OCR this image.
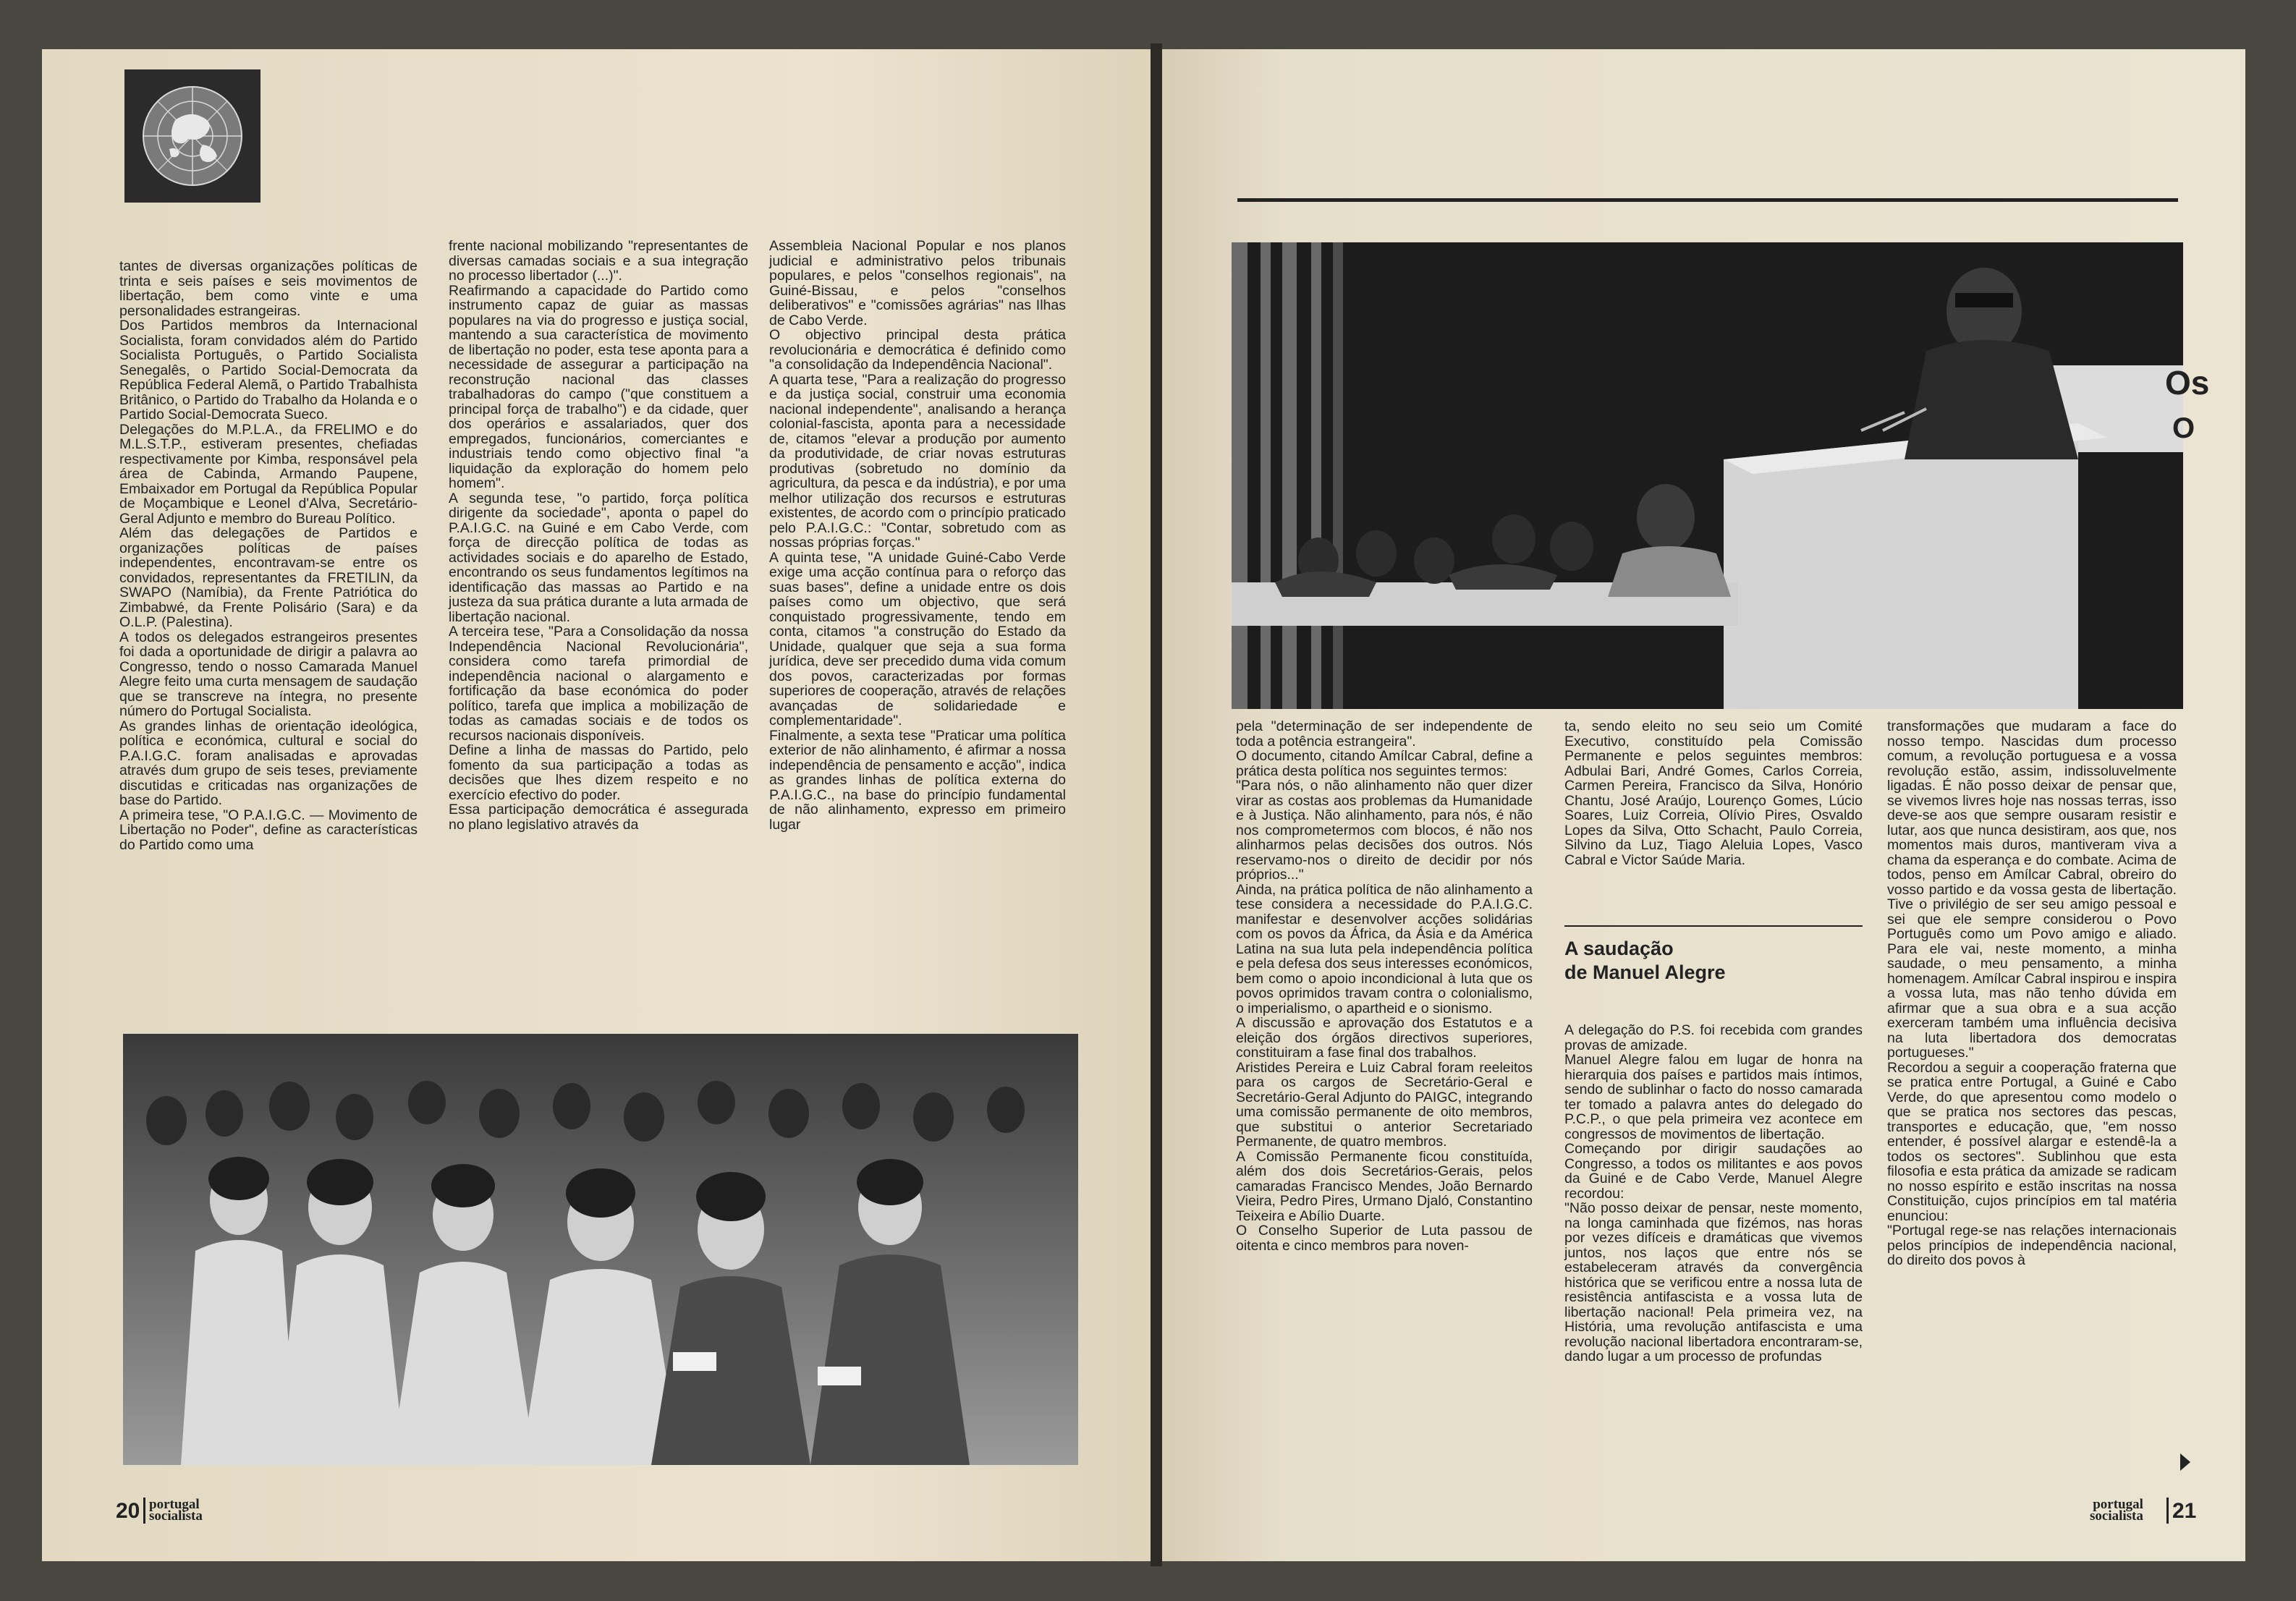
tantes de diversas organizações políticas de trinta e seis países e seis movimentos de libertação, bem como vinte e uma personalidades estrangeiras.
Dos Partidos membros da Internacional Socialista, foram convidados além do Partido Socialista Português, o Partido Socialista Senegalês, o Partido Social-Democrata da República Federal Alemã, o Partido Trabalhista Britânico, o Partido do Trabalho da Holanda e o Partido Social-Democrata Sueco.
Delegações do M.P.L.A., da FRELIMO e do M.L.S.T.P., estiveram presentes, chefiadas respectivamente por Kimba, responsável pela área de Cabinda, Armando Paupene, Embaixador em Portugal da República Popular de Moçambique e Leonel d'Alva, Secretário-Geral Adjunto e membro do Bureau Político.
Além das delegações de Partidos e organizações políticas de países independentes, encontravam-se entre os convidados, representantes da FRETILIN, da SWAPO (Namíbia), da Frente Patriótica do Zimbabwé, da Frente Polisário (Sara) e da O.L.P. (Palestina).
A todos os delegados estrangeiros presentes foi dada a oportunidade de dirigir a palavra ao Congresso, tendo o nosso Camarada Manuel Alegre feito uma curta mensagem de saudação que se transcreve na íntegra, no presente número do Portugal Socialista.
As grandes linhas de orientação ideológica, política e económica, cultural e social do P.A.I.G.C. foram analisadas e aprovadas através dum grupo de seis teses, previamente discutidas e criticadas nas organizações de base do Partido.
A primeira tese, "O P.A.I.G.C. — Movimento de Libertação no Poder", define as características do Partido como uma

frente nacional mobilizando "representantes de diversas camadas sociais e a sua integração no processo libertador (...)".
Reafirmando a capacidade do Partido como instrumento capaz de guiar as massas populares na via do progresso e justiça social, mantendo a sua característica de movimento de libertação no poder, esta tese aponta para a necessidade de assegurar a participação na reconstrução nacional das classes trabalhadoras do campo ("que constituem a principal força de trabalho") e da cidade, quer dos operários e assalariados, quer dos empregados, funcionários, comerciantes e industriais tendo como objectivo final "a liquidação da exploração do homem pelo homem".
A segunda tese, "o partido, força política dirigente da sociedade", aponta o papel do P.A.I.G.C. na Guiné e em Cabo Verde, com força de direcção política de todas as actividades sociais e do aparelho de Estado, encontrando os seus fundamentos legítimos na identificação das massas ao Partido e na justeza da sua prática durante a luta armada de libertação nacional.
A terceira tese, "Para a Consolidação da nossa Independência Nacional Revolucionária", considera como tarefa primordial de independência nacional o alargamento e fortificação da base económica do poder político, tarefa que implica a mobilização de todas as camadas sociais e de todos os recursos nacionais disponíveis.
Define a linha de massas do Partido, pelo fomento da sua participação a todas as decisões que lhes dizem respeito e no exercício efectivo do poder.
Essa participação democrática é assegurada no plano legislativo através da

Assembleia Nacional Popular e nos planos judicial e administrativo pelos tribunais populares, e pelos "conselhos regionais", na Guiné-Bissau, e pelos "conselhos deliberativos" e "comissões agrárias" nas Ilhas de Cabo Verde.
O objectivo principal desta prática revolucionária e democrática é definido como "a consolidação da Independência Nacional".
A quarta tese, "Para a realização do progresso e da justiça social, construir uma economia nacional independente", analisando a herança colonial-fascista, aponta para a necessidade de, citamos "elevar a produção por aumento da produtividade, de criar novas estruturas produtivas (sobretudo no domínio da agricultura, da pesca e da indústria), e por uma melhor utilização dos recursos e estruturas existentes, de acordo com o princípio praticado pelo P.A.I.G.C.: "Contar, sobretudo com as nossas próprias forças."
A quinta tese, "A unidade Guiné-Cabo Verde exige uma acção contínua para o reforço das suas bases", define a unidade entre os dois países como um objectivo, que será conquistado progressivamente, tendo em conta, citamos "a construção do Estado da Unidade, qualquer que seja a sua forma jurídica, deve ser precedido duma vida comum dos povos, caracterizadas por formas superiores de cooperação, através de relações avançadas de solidariedade e complementaridade".
Finalmente, a sexta tese "Praticar uma política exterior de não alinhamento, é afirmar a nossa independência de pensamento e acção", indica as grandes linhas de política externa do P.A.I.G.C., na base do princípio fundamental de não alinhamento, expresso em primeiro lugar

20 portugal
socialista
Os
O

pela "determinação de ser independente de toda a potência estrangeira".
O documento, citando Amílcar Cabral, define a prática desta política nos seguintes termos:
"Para nós, o não alinhamento não quer dizer virar as costas aos problemas da Humanidade e à Justiça. Não alinhamento, para nós, é não nos comprometermos com blocos, é não nos alinharmos pelas decisões dos outros. Nós reservamo-nos o direito de decidir por nós próprios..."
Ainda, na prática política de não alinhamento a tese considera a necessidade do P.A.I.G.C. manifestar e desenvolver acções solidárias com os povos da África, da Ásia e da América Latina na sua luta pela independência política e pela defesa dos seus interesses económicos, bem como o apoio incondicional à luta que os povos oprimidos travam contra o colonialismo, o imperialismo, o apartheid e o sionismo.
A discussão e aprovação dos Estatutos e a eleição dos órgãos directivos superiores, constituiram a fase final dos trabalhos.
Aristides Pereira e Luiz Cabral foram reeleitos para os cargos de Secretário-Geral e Secretário-Geral Adjunto do PAIGC, integrando uma comissão permanente de oito membros, que substitui o anterior Secretariado Permanente, de quatro membros.
A Comissão Permanente ficou constituída, além dos dois Secretários-Gerais, pelos camaradas Francisco Mendes, João Bernardo Vieira, Pedro Pires, Urmano Djaló, Constantino Teixeira e Abílio Duarte.
O Conselho Superior de Luta passou de oitenta e cinco membros para noven-

ta, sendo eleito no seu seio um Comité Executivo, constituído pela Comissão Permanente e pelos seguintes membros: Adbulai Bari, André Gomes, Carlos Correia, Carmen Pereira, Francisco da Silva, Honório Chantu, José Araújo, Lourenço Gomes, Lúcio Soares, Luiz Correia, Olívio Pires, Osvaldo Lopes da Silva, Otto Schacht, Paulo Correia, Silvino da Luz, Tiago Aleluia Lopes, Vasco Cabral e Victor Saúde Maria.

A saudação
de Manuel Alegre

A delegação do P.S. foi recebida com grandes provas de amizade.
Manuel Alegre falou em lugar de honra na hierarquia dos países e partidos mais íntimos, sendo de sublinhar o facto do nosso camarada ter tomado a palavra antes do delegado do P.C.P., o que pela primeira vez acontece em congressos de movimentos de libertação.
Começando por dirigir saudações ao Congresso, a todos os militantes e aos povos da Guiné e de Cabo Verde, Manuel Alegre recordou:
"Não posso deixar de pensar, neste momento, na longa caminhada que fizémos, nas horas por vezes difíceis e dramáticas que vivemos juntos, nos laços que entre nós se estabeleceram através da convergência histórica que se verificou entre a nossa luta de resistência antifascista e a vossa luta de libertação nacional! Pela primeira vez, na História, uma revolução antifascista e uma revolução nacional libertadora encontraram-se, dando lugar a um processo de profundas

transformações que mudaram a face do nosso tempo. Nascidas dum processo comum, a revolução portuguesa e a vossa revolução estão, assim, indissoluvelmente ligadas. É não posso deixar de pensar que, se vivemos livres hoje nas nossas terras, isso deve-se aos que sempre ousaram resistir e lutar, aos que nunca desistiram, aos que, nos momentos mais duros, mantiveram viva a chama da esperança e do combate. Acima de todos, penso em Amílcar Cabral, obreiro do vosso partido e da vossa gesta de libertação. Tive o privilégio de ser seu amigo pessoal e sei que ele sempre considerou o Povo Português como um Povo amigo e aliado. Para ele vai, neste momento, a minha saudade, o meu pensamento, a minha homenagem. Amílcar Cabral inspirou e inspira a vossa luta, mas não tenho dúvida em afirmar que a sua obra e a sua acção exerceram também uma influência decisiva na luta libertadora dos democratas portugueses."
Recordou a seguir a cooperação fraterna que se pratica entre Portugal, a Guiné e Cabo Verde, do que apresentou como modelo o que se pratica nos sectores das pescas, transportes e educação, que, "em nosso entender, é possível alargar e estendê-la a todos os sectores". Sublinhou que esta filosofia e esta prática da amizade se radicam no nosso espírito e estão inscritas na nossa Constituição, cujos princípios em tal matéria enunciou:
"Portugal rege-se nas relações internacionais pelos princípios de independência nacional, do direito dos povos à

portugal
socialista 21
